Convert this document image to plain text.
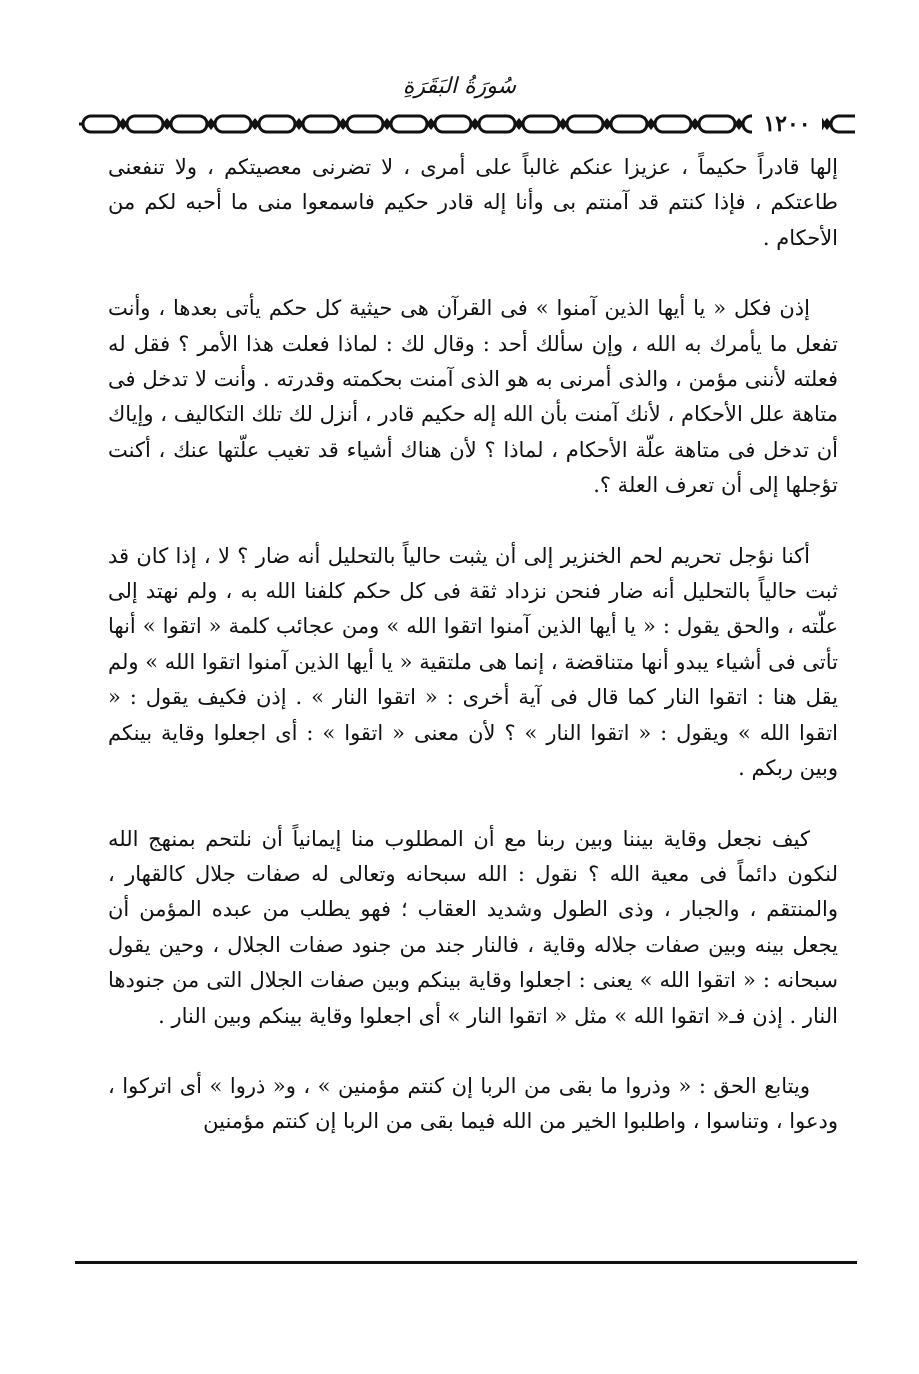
سُورَةُ البَقَرَةِ
١٢٠٠

إلها قادراً حكيماً ، عزيزا عنكم غالباً على أمرى ، لا تضرنى معصيتكم ، ولا تنفعنى طاعتكم ، فإذا كنتم قد آمنتم بى وأنا إله قادر حكيم فاسمعوا منى ما أحبه لكم من الأحكام .

إذن فكل « يا أيها الذين آمنوا » فى القرآن هى حيثية كل حكم يأتى بعدها ، وأنت تفعل ما يأمرك به الله ، وإن سألك أحد : وقال لك : لماذا فعلت هذا الأمر ؟ فقل له فعلته لأننى مؤمن ، والذى أمرنى به هو الذى آمنت بحكمته وقدرته . وأنت لا تدخل فى متاهة علل الأحكام ، لأنك آمنت بأن الله إله حكيم قادر ، أنزل لك تلك التكاليف ، وإياك أن تدخل فى متاهة علّة الأحكام ، لماذا ؟ لأن هناك أشياء قد تغيب علّتها عنك ، أكنت تؤجلها إلى أن تعرف العلة ؟.

أكنا نؤجل تحريم لحم الخنزير إلى أن يثبت حالياً بالتحليل أنه ضار ؟ لا ، إذا كان قد ثبت حالياً بالتحليل أنه ضار فنحن نزداد ثقة فى كل حكم كلفنا الله به ، ولم نهتد إلى علّته ، والحق يقول : « يا أيها الذين آمنوا اتقوا الله » ومن عجائب كلمة « اتقوا » أنها تأتى فى أشياء يبدو أنها متناقضة ، إنما هى ملتقية « يا أيها الذين آمنوا اتقوا الله » ولم يقل هنا : اتقوا النار كما قال فى آية أخرى : « اتقوا النار » . إذن فكيف يقول : « اتقوا الله » ويقول : « اتقوا النار » ؟ لأن معنى « اتقوا » : أى اجعلوا وقاية بينكم وبين ربكم .

كيف نجعل وقاية بيننا وبين ربنا مع أن المطلوب منا إيمانياً أن نلتحم بمنهج الله لنكون دائماً فى معية الله ؟ نقول : الله سبحانه وتعالى له صفات جلال كالقهار ، والمنتقم ، والجبار ، وذى الطول وشديد العقاب ؛ فهو يطلب من عبده المؤمن أن يجعل بينه وبين صفات جلاله وقاية ، فالنار جند من جنود صفات الجلال ، وحين يقول سبحانه : « اتقوا الله » يعنى : اجعلوا وقاية بينكم وبين صفات الجلال التى من جنودها النار . إذن فـ« اتقوا الله » مثل « اتقوا النار » أى اجعلوا وقاية بينكم وبين النار .

ويتابع الحق : « وذروا ما بقى من الربا إن كنتم مؤمنين » ، و« ذروا » أى اتركوا ، ودعوا ، وتناسوا ، واطلبوا الخير من الله فيما بقى من الربا إن كنتم مؤمنين
